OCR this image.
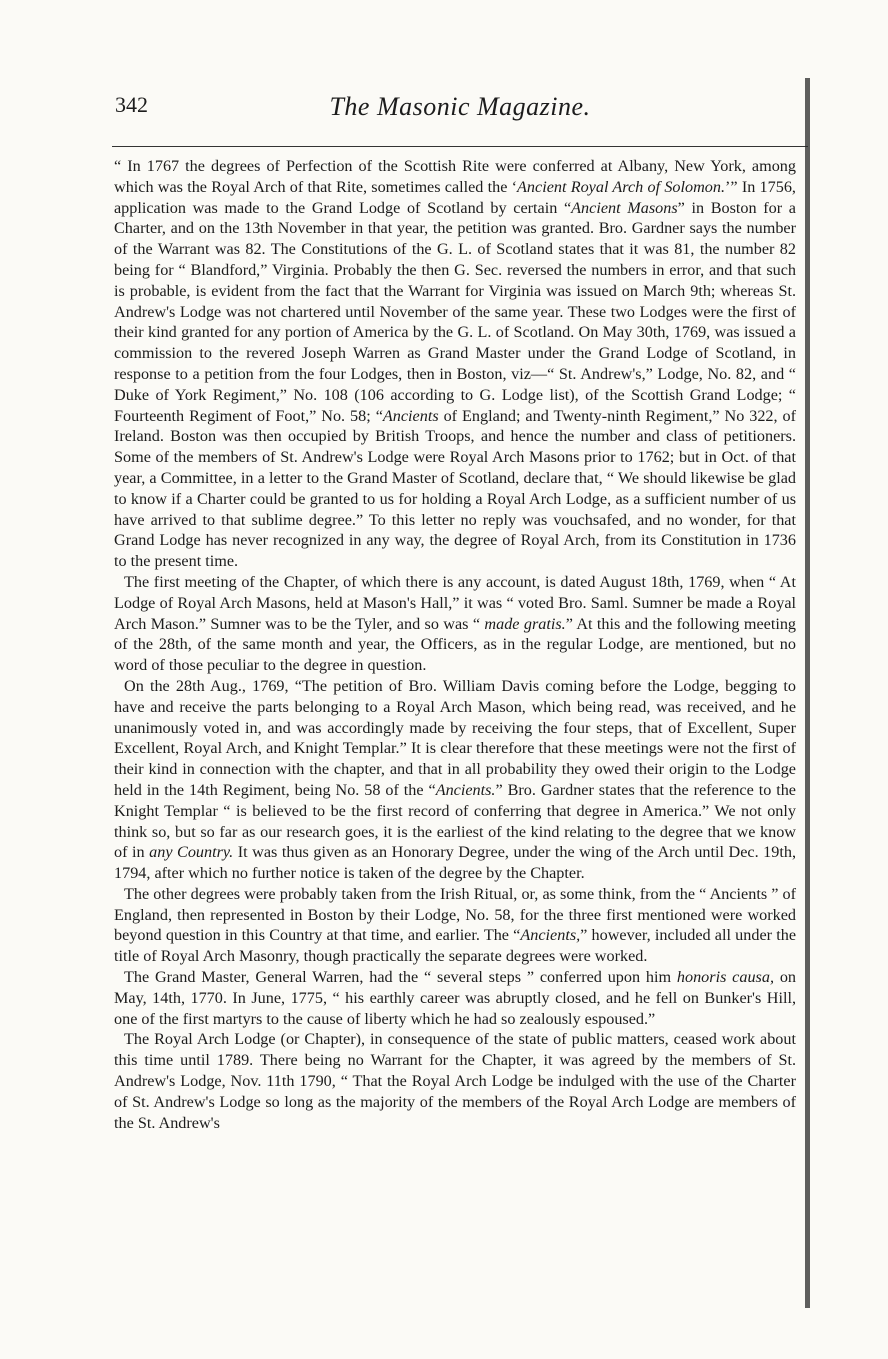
342	The Masonic Magazine.

“ In 1767 the degrees of Perfection of the Scottish Rite were conferred at Albany, New York, among which was the Royal Arch of that Rite, sometimes called the ‘Ancient Royal Arch of Solomon.’” In 1756, application was made to the Grand Lodge of Scotland by certain “Ancient Masons” in Boston for a Charter, and on the 13th November in that year, the petition was granted. Bro. Gardner says the number of the Warrant was 82. The Constitutions of the G. L. of Scotland states that it was 81, the number 82 being for “ Blandford,” Virginia. Probably the then G. Sec. reversed the numbers in error, and that such is probable, is evident from the fact that the Warrant for Virginia was issued on March 9th; whereas St. Andrew's Lodge was not chartered until November of the same year. These two Lodges were the first of their kind granted for any portion of America by the G. L. of Scotland. On May 30th, 1769, was issued a commission to the revered Joseph Warren as Grand Master under the Grand Lodge of Scotland, in response to a petition from the four Lodges, then in Boston, viz—“ St. Andrew's,” Lodge, No. 82, and “ Duke of York Regiment,” No. 108 (106 according to G. Lodge list), of the Scottish Grand Lodge; “ Fourteenth Regiment of Foot,” No. 58; “Ancients of England; and Twenty-ninth Regiment,” No 322, of Ireland. Boston was then occupied by British Troops, and hence the number and class of petitioners. Some of the members of St. Andrew's Lodge were Royal Arch Masons prior to 1762; but in Oct. of that year, a Committee, in a letter to the Grand Master of Scotland, declare that, “ We should likewise be glad to know if a Charter could be granted to us for holding a Royal Arch Lodge, as a sufficient number of us have arrived to that sublime degree.” To this letter no reply was vouchsafed, and no wonder, for that Grand Lodge has never recognized in any way, the degree of Royal Arch, from its Constitution in 1736 to the present time.

The first meeting of the Chapter, of which there is any account, is dated August 18th, 1769, when “ At Lodge of Royal Arch Masons, held at Mason's Hall,” it was “ voted Bro. Saml. Sumner be made a Royal Arch Mason.” Sumner was to be the Tyler, and so was “ made gratis.” At this and the following meeting of the 28th, of the same month and year, the Officers, as in the regular Lodge, are mentioned, but no word of those peculiar to the degree in question.

On the 28th Aug., 1769, “The petition of Bro. William Davis coming before the Lodge, begging to have and receive the parts belonging to a Royal Arch Mason, which being read, was received, and he unanimously voted in, and was accordingly made by receiving the four steps, that of Excellent, Super Excellent, Royal Arch, and Knight Templar.” It is clear therefore that these meetings were not the first of their kind in connection with the chapter, and that in all probability they owed their origin to the Lodge held in the 14th Regiment, being No. 58 of the “Ancients.” Bro. Gardner states that the reference to the Knight Templar “ is believed to be the first record of conferring that degree in America.” We not only think so, but so far as our research goes, it is the earliest of the kind relating to the degree that we know of in any Country. It was thus given as an Honorary Degree, under the wing of the Arch until Dec. 19th, 1794, after which no further notice is taken of the degree by the Chapter.

The other degrees were probably taken from the Irish Ritual, or, as some think, from the “ Ancients ” of England, then represented in Boston by their Lodge, No. 58, for the three first mentioned were worked beyond question in this Country at that time, and earlier. The “Ancients,” however, included all under the title of Royal Arch Masonry, though practically the separate degrees were worked.

The Grand Master, General Warren, had the “ several steps ” conferred upon him honoris causa, on May, 14th, 1770. In June, 1775, “ his earthly career was abruptly closed, and he fell on Bunker's Hill, one of the first martyrs to the cause of liberty which he had so zealously espoused.”

The Royal Arch Lodge (or Chapter), in consequence of the state of public matters, ceased work about this time until 1789. There being no Warrant for the Chapter, it was agreed by the members of St. Andrew's Lodge, Nov. 11th 1790, “ That the Royal Arch Lodge be indulged with the use of the Charter of St. Andrew's Lodge so long as the majority of the members of the Royal Arch Lodge are members of the St. Andrew's
